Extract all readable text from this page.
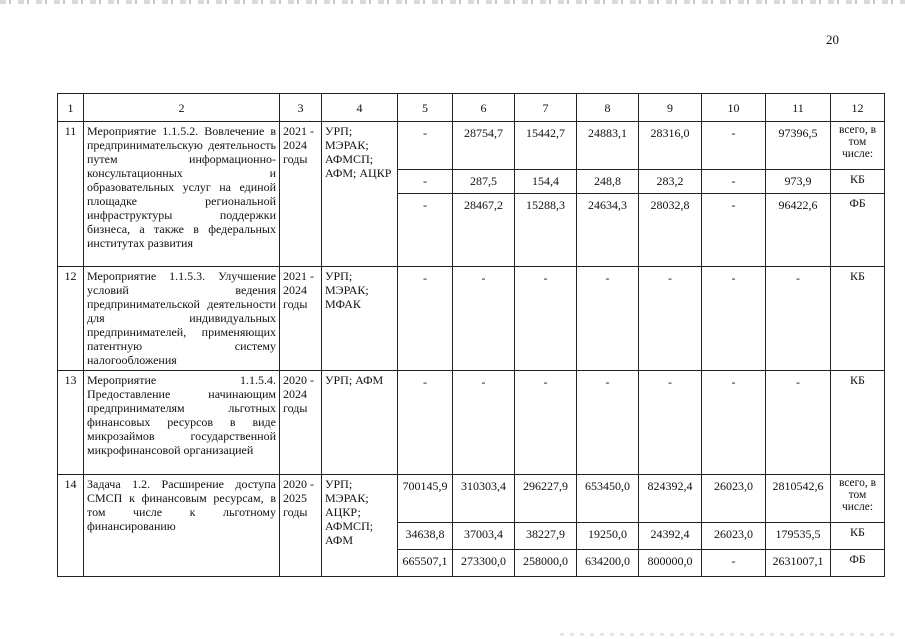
20
1	2	3	4	5	6	7	8	9	10	11	12
11	Мероприятие 1.1.5.2. Вовлечение в предпринимательскую деятельность путем информационно-консультационных и образовательных услуг на единой площадке региональной инфраструктуры поддержки бизнеса, а также в федеральных институтах развития	2021 - 2024 годы	УРП; МЭРАК; АФМСП; АФМ; АЦКР	-	28754,7	15442,7	24883,1	28316,0	-	97396,5	всего, в том числе:
				-	287,5	154,4	248,8	283,2	-	973,9	КБ
				-	28467,2	15288,3	24634,3	28032,8	-	96422,6	ФБ
12	Мероприятие 1.1.5.3. Улучшение условий ведения предпринимательской деятельности для индивидуальных предпринимателей, применяющих патентную систему налогообложения	2021 - 2024 годы	УРП; МЭРАК; МФАК	-	-	-	-	-	-	-	КБ
13	Мероприятие 1.1.5.4. Предоставление начинающим предпринимателям льготных финансовых ресурсов в виде микрозаймов государственной микрофинансовой организацией	2020 - 2024 годы	УРП; АФМ	-	-	-	-	-	-	-	КБ
14	Задача 1.2. Расширение доступа СМСП к финансовым ресурсам, в том числе к льготному финансированию	2020 - 2025 годы	УРП; МЭРАК; АЦКР; АФМСП; АФМ	700145,9	310303,4	296227,9	653450,0	824392,4	26023,0	2810542,6	всего, в том числе:
				34638,8	37003,4	38227,9	19250,0	24392,4	26023,0	179535,5	КБ
				665507,1	273300,0	258000,0	634200,0	800000,0	-	2631007,1	ФБ
